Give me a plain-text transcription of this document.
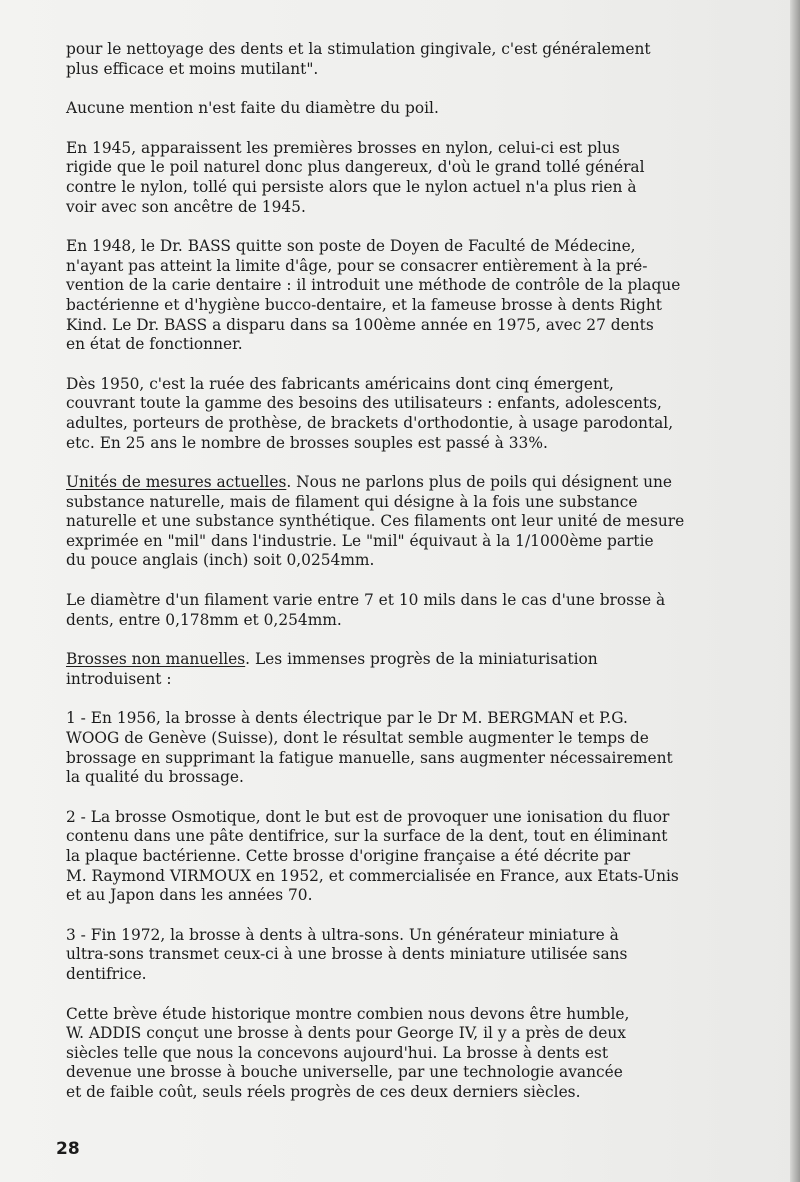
pour le nettoyage des dents et la stimulation gingivale, c'est généralement
plus efficace et moins mutilant".
Aucune mention n'est faite du diamètre du poil.
En 1945, apparaissent les premières brosses en nylon, celui-ci est plus
rigide que le poil naturel donc plus dangereux, d'où le grand tollé général
contre le nylon, tollé qui persiste alors que le nylon actuel n'a plus rien à
voir avec son ancêtre de 1945.
En 1948, le Dr. BASS quitte son poste de Doyen de Faculté de Médecine,
n'ayant pas atteint la limite d'âge, pour se consacrer entièrement à la pré-
vention de la carie dentaire : il introduit une méthode de contrôle de la plaque
bactérienne et d'hygiène bucco-dentaire, et la fameuse brosse à dents Right
Kind. Le Dr. BASS a disparu dans sa 100ème année en 1975, avec 27 dents
en état de fonctionner.
Dès 1950, c'est la ruée des fabricants américains dont cinq émergent,
couvrant toute la gamme des besoins des utilisateurs : enfants, adolescents,
adultes, porteurs de prothèse, de brackets d'orthodontie, à usage parodontal,
etc. En 25 ans le nombre de brosses souples est passé à 33%.
Unités de mesures actuelles. Nous ne parlons plus de poils qui désignent une
substance naturelle, mais de filament qui désigne à la fois une substance
naturelle et une substance synthétique. Ces filaments ont leur unité de mesure
exprimée en "mil" dans l'industrie. Le "mil" équivaut à la 1/1000ème partie
du pouce anglais (inch) soit 0,0254mm.
Le diamètre d'un filament varie entre 7 et 10 mils dans le cas d'une brosse à
dents, entre 0,178mm et 0,254mm.
Brosses non manuelles. Les immenses progrès de la miniaturisation
introduisent :
1 - En 1956, la brosse à dents électrique par le Dr M. BERGMAN et P.G.
WOOG de Genève (Suisse), dont le résultat semble augmenter le temps de
brossage en supprimant la fatigue manuelle, sans augmenter nécessairement
la qualité du brossage.
2 - La brosse Osmotique, dont le but est de provoquer une ionisation du fluor
contenu dans une pâte dentifrice, sur la surface de la dent, tout en éliminant
la plaque bactérienne. Cette brosse d'origine française a été décrite par
M. Raymond VIRMOUX en 1952, et commercialisée en France, aux Etats-Unis
et au Japon dans les années 70.
3 - Fin 1972, la brosse à dents à ultra-sons. Un générateur miniature à
ultra-sons transmet ceux-ci à une brosse à dents miniature utilisée sans
dentifrice.
Cette brève étude historique montre combien nous devons être humble,
W. ADDIS conçut une brosse à dents pour George IV, il y a près de deux
siècles telle que nous la concevons aujourd'hui. La brosse à dents est
devenue une brosse à bouche universelle, par une technologie avancée
et de faible coût, seuls réels progrès de ces deux derniers siècles.
28
